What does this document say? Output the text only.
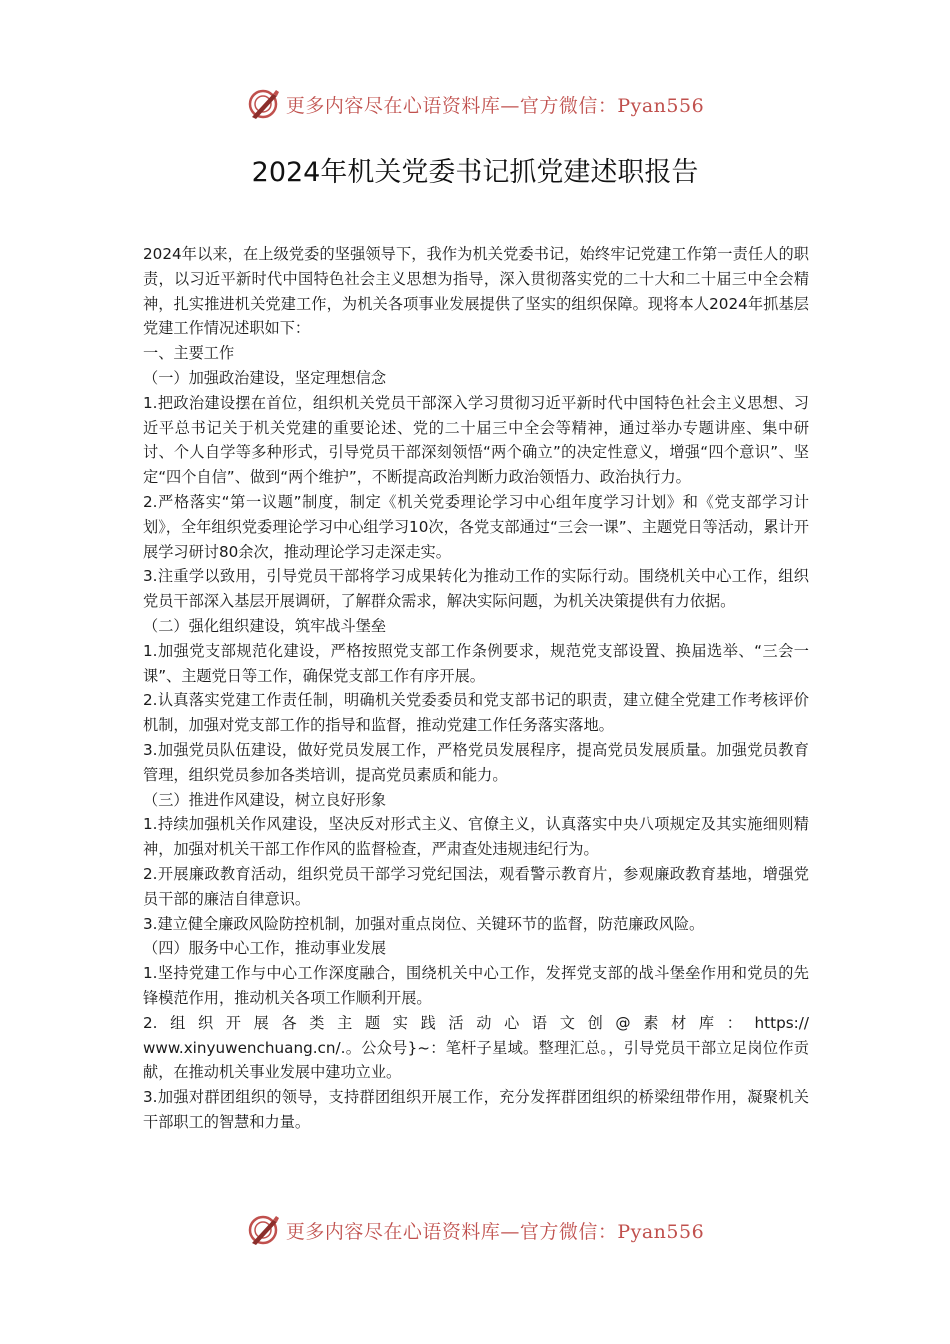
更多内容尽在心语资料库—官方微信：Pyan556
2024年机关党委书记抓党建述职报告

2024年以来，在上级党委的坚强领导下，我作为机关党委书记，始终牢记党建工作第一责任人的职责，以习近平新时代中国特色社会主义思想为指导，深入贯彻落实党的二十大和二十届三中全会精神，扎实推进机关党建工作，为机关各项事业发展提供了坚实的组织保障。现将本人2024年抓基层党建工作情况述职如下：

一、主要工作

（一）加强政治建设，坚定理想信念

1.把政治建设摆在首位，组织机关党员干部深入学习贯彻习近平新时代中国特色社会主义思想、习近平总书记关于机关党建的重要论述、党的二十届三中全会等精神，通过举办专题讲座、集中研讨、个人自学等多种形式，引导党员干部深刻领悟“两个确立”的决定性意义，增强“四个意识”、坚定“四个自信”、做到“两个维护”，不断提高政治判断力政治领悟力、政治执行力。

2.严格落实“第一议题”制度，制定《机关党委理论学习中心组年度学习计划》和《党支部学习计划》，全年组织党委理论学习中心组学习10次，各党支部通过“三会一课”、主题党日等活动，累计开展学习研讨80余次，推动理论学习走深走实。

3.注重学以致用，引导党员干部将学习成果转化为推动工作的实际行动。围绕机关中心工作，组织党员干部深入基层开展调研，了解群众需求，解决实际问题，为机关决策提供有力依据。

（二）强化组织建设，筑牢战斗堡垒

1.加强党支部规范化建设，严格按照党支部工作条例要求，规范党支部设置、换届选举、“三会一课”、主题党日等工作，确保党支部工作有序开展。

2.认真落实党建工作责任制，明确机关党委委员和党支部书记的职责，建立健全党建工作考核评价机制，加强对党支部工作的指导和监督，推动党建工作任务落实落地。

3.加强党员队伍建设，做好党员发展工作，严格党员发展程序，提高党员发展质量。加强党员教育管理，组织党员参加各类培训，提高党员素质和能力。

（三）推进作风建设，树立良好形象

1.持续加强机关作风建设，坚决反对形式主义、官僚主义，认真落实中央八项规定及其实施细则精神，加强对机关干部工作作风的监督检查，严肃查处违规违纪行为。

2.开展廉政教育活动，组织党员干部学习党纪国法，观看警示教育片，参观廉政教育基地，增强党员干部的廉洁自律意识。

3.建立健全廉政风险防控机制，加强对重点岗位、关键环节的监督，防范廉政风险。

（四）服务中心工作，推动事业发展

1.坚持党建工作与中心工作深度融合，围绕机关中心工作，发挥党支部的战斗堡垒作用和党员的先锋模范作用，推动机关各项工作顺利开展。

2.组织开展各类主题实践活动心语文创@素材库：https://

www.xinyuwenchuang.cn/.。公众号}~：笔杆子星域。整理汇总。，引导党员干部立足岗位作贡献，在推动机关事业发展中建功立业。

3.加强对群团组织的领导，支持群团组织开展工作，充分发挥群团组织的桥梁纽带作用，凝聚机关干部职工的智慧和力量。

更多内容尽在心语资料库—官方微信：Pyan556
